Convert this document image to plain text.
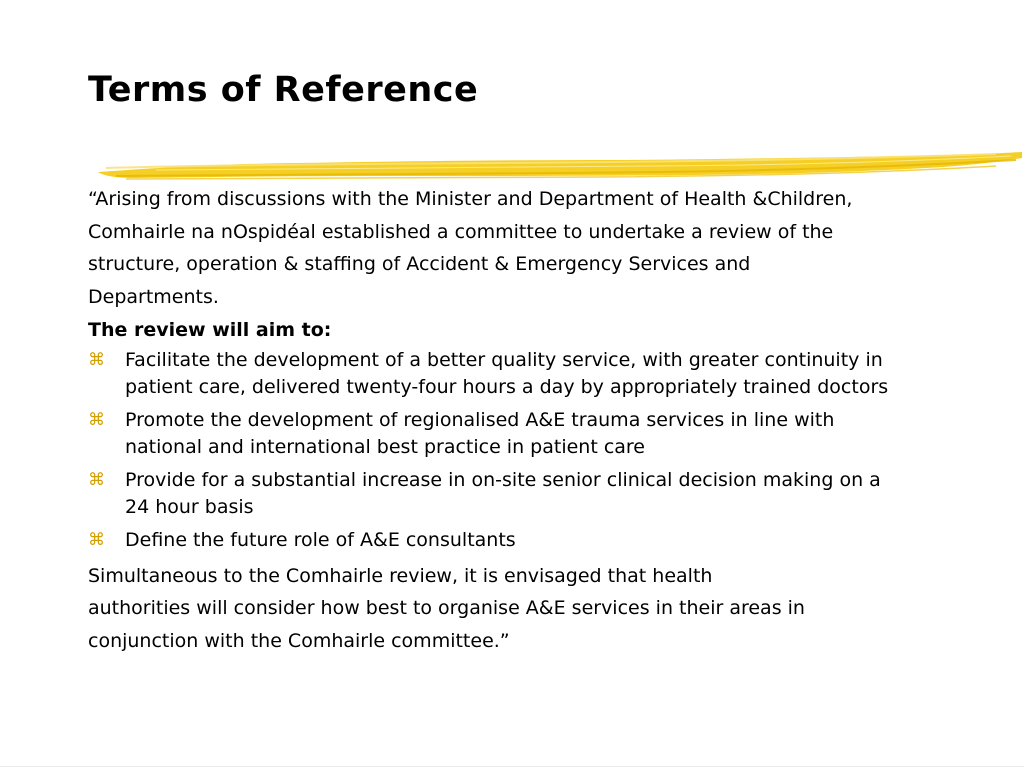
Terms of Reference

“Arising from discussions with the Minister and Department of Health &Children,

Comhairle na nOspidéal established a committee to undertake a review of the

structure, operation & staffing of Accident & Emergency Services and

Departments.

The review will aim to:

⌘ Facilitate the development of a better quality service, with greater continuity in
patient care, delivered twenty-four hours a day by appropriately trained doctors
⌘ Promote the development of regionalised A&E trauma services in line with
national and international best practice in patient care
⌘ Provide for a substantial increase in on-site senior clinical decision making on a
24 hour basis
⌘ Define the future role of A&E consultants

Simultaneous to the Comhairle review, it is envisaged that health

authorities will consider how best to organise A&E services in their areas in

conjunction with the Comhairle committee.”
